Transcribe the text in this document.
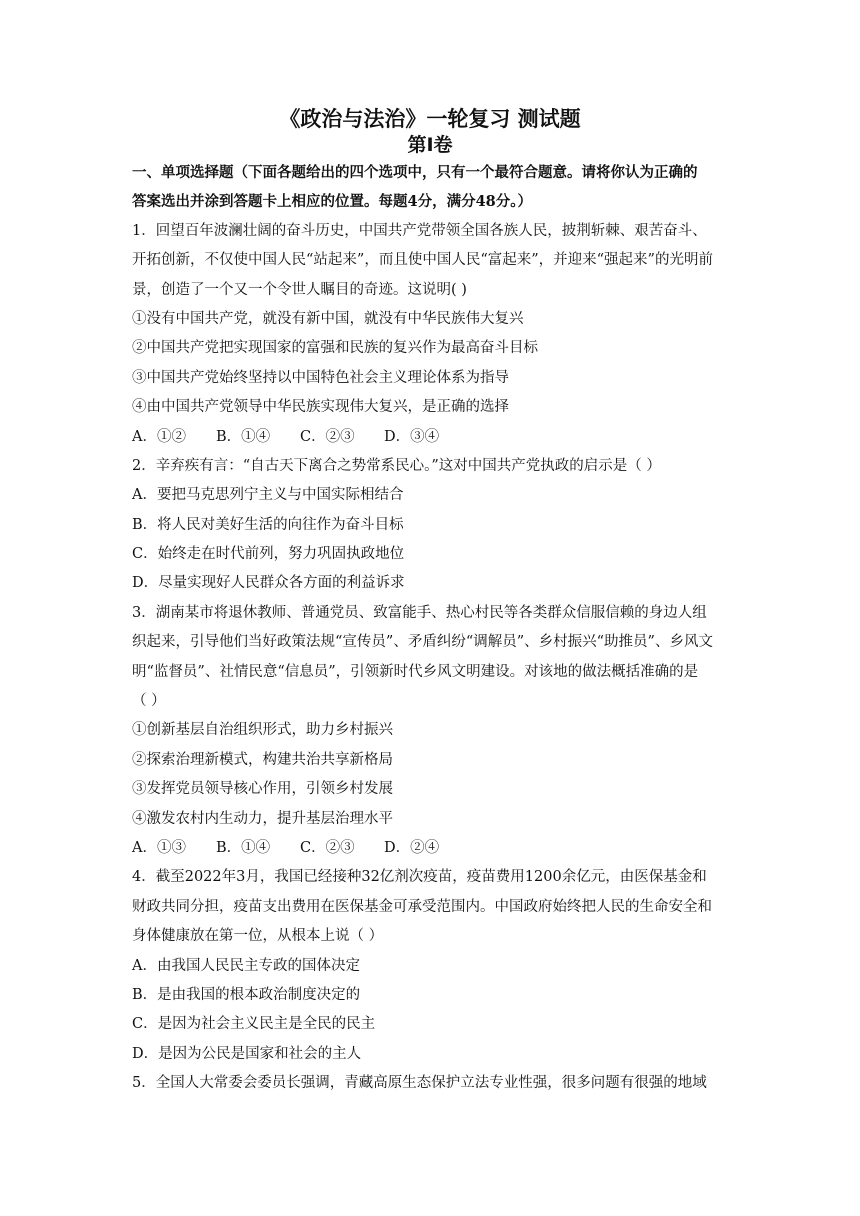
《政治与法治》一轮复习 测试题
第Ⅰ卷
一、单项选择题（下面各题给出的四个选项中，只有一个最符合题意。请将你认为正确的
答案选出并涂到答题卡上相应的位置。每题4分，满分48分。）
1．回望百年波澜壮阔的奋斗历史，中国共产党带领全国各族人民，披荆斩棘、艰苦奋斗、
开拓创新，不仅使中国人民“站起来”，而且使中国人民“富起来”，并迎来“强起来”的光明前
景，创造了一个又一个令世人瞩目的奇迹。这说明( )
①没有中国共产党，就没有新中国，就没有中华民族伟大复兴
②中国共产党把实现国家的富强和民族的复兴作为最高奋斗目标
③中国共产党始终坚持以中国特色社会主义理论体系为指导
④由中国共产党领导中华民族实现伟大复兴，是正确的选择
A．①② B．①④ C．②③ D．③④
2．辛弃疾有言：“自古天下离合之势常系民心。”这对中国共产党执政的启示是（ ）
A．要把马克思列宁主义与中国实际相结合
B．将人民对美好生活的向往作为奋斗目标
C．始终走在时代前列，努力巩固执政地位
D．尽量实现好人民群众各方面的利益诉求
3．湖南某市将退休教师、普通党员、致富能手、热心村民等各类群众信服信赖的身边人组
织起来，引导他们当好政策法规“宣传员”、矛盾纠纷“调解员”、乡村振兴“助推员”、乡风文
明“监督员”、社情民意“信息员”，引领新时代乡风文明建设。对该地的做法概括准确的是
（ ）
①创新基层自治组织形式，助力乡村振兴
②探索治理新模式，构建共治共享新格局
③发挥党员领导核心作用，引领乡村发展
④激发农村内生动力，提升基层治理水平
A．①③ B．①④ C．②③ D．②④
4．截至2022年3月，我国已经接种32亿剂次疫苗，疫苗费用1200余亿元，由医保基金和
财政共同分担，疫苗支出费用在医保基金可承受范围内。中国政府始终把人民的生命安全和
身体健康放在第一位，从根本上说（ ）
A．由我国人民民主专政的国体决定
B．是由我国的根本政治制度决定的
C．是因为社会主义民主是全民的民主
D．是因为公民是国家和社会的主人
5．全国人大常委会委员长强调，青藏高原生态保护立法专业性强，很多问题有很强的地域
